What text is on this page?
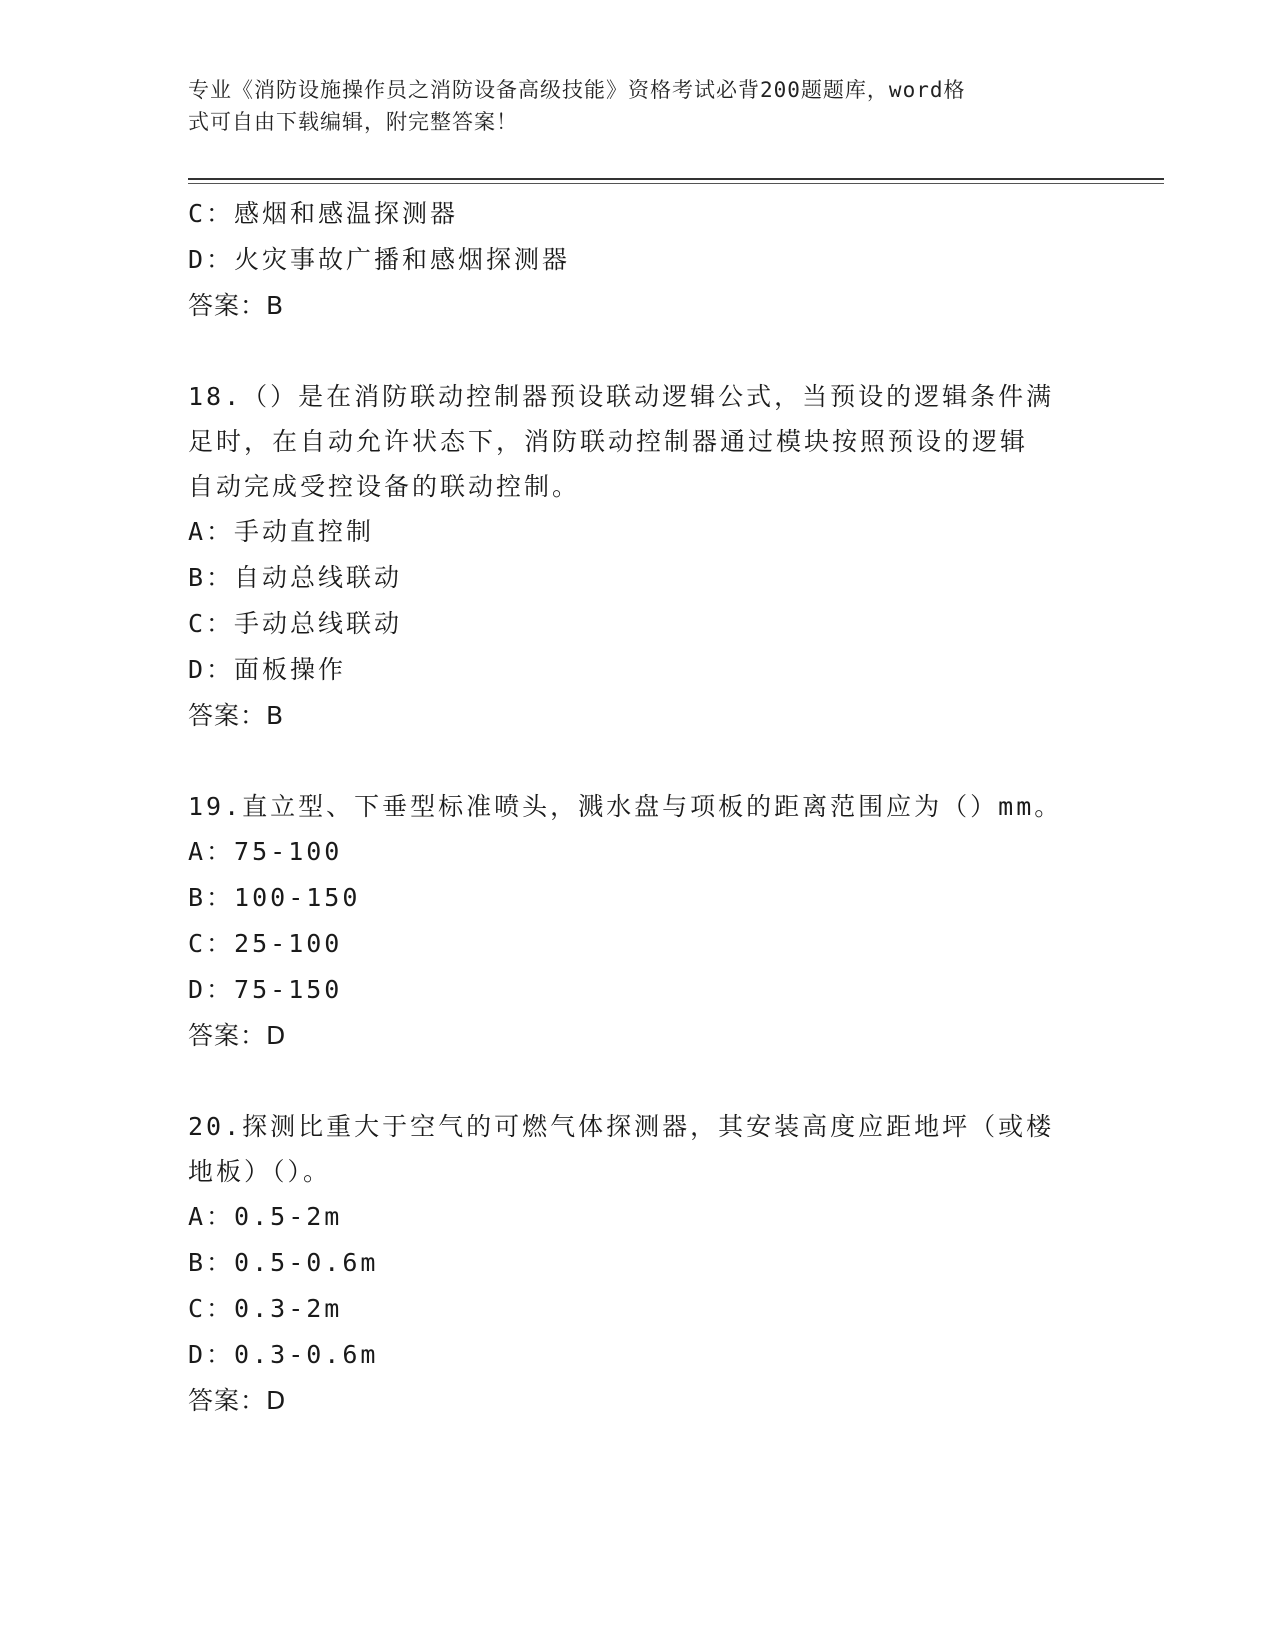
专业《消防设施操作员之消防设备高级技能》资格考试必背200题题库，word格
式可自由下载编辑，附完整答案！

C：感烟和感温探测器

D：火灾事故广播和感烟探测器

答案：B

18.（）是在消防联动控制器预设联动逻辑公式，当预设的逻辑条件满

足时，在自动允许状态下，消防联动控制器通过模块按照预设的逻辑

自动完成受控设备的联动控制。

A：手动直控制

B：自动总线联动

C：手动总线联动

D：面板操作

答案：B

19.直立型、下垂型标准喷头，溅水盘与项板的距离范围应为（）mm。

A：75-100

B：100-150

C：25-100

D：75-150

答案：D

20.探测比重大于空气的可燃气体探测器，其安装高度应距地坪（或楼

地板）（）。

A：0.5-2m

B：0.5-0.6m

C：0.3-2m

D：0.3-0.6m

答案：D
